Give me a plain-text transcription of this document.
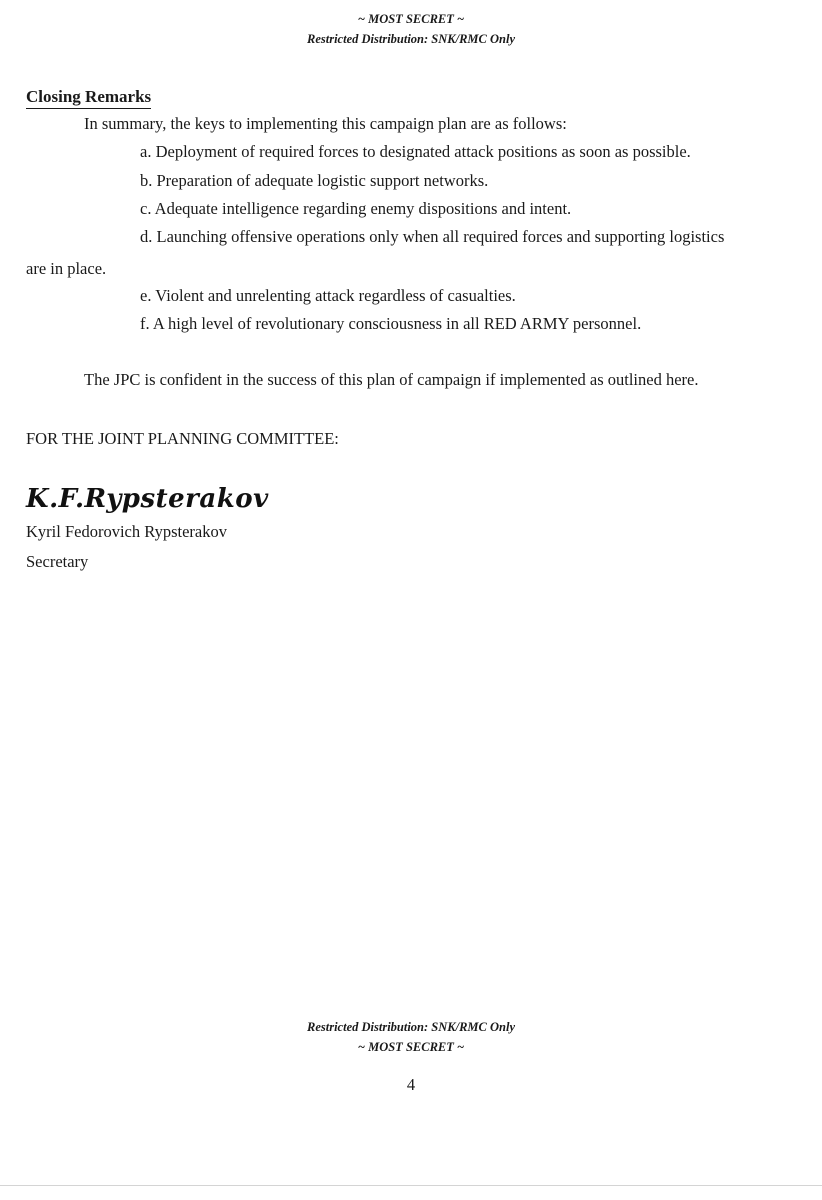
~ MOST SECRET ~
Restricted Distribution: SNK/RMC Only
Closing Remarks
In summary, the keys to implementing this campaign plan are as follows:
a. Deployment of required forces to designated attack positions as soon as possible.
b. Preparation of adequate logistic support networks.
c. Adequate intelligence regarding enemy dispositions and intent.
d. Launching offensive operations only when all required forces and supporting logistics
are in place.
e. Violent and unrelenting attack regardless of casualties.
f. A high level of revolutionary consciousness in all RED ARMY personnel.
The JPC is confident in the success of this plan of campaign if implemented as outlined here.
FOR THE JOINT PLANNING COMMITTEE:
K.F.Rypsterakov
Kyril Fedorovich Rypsterakov
Secretary
Restricted Distribution: SNK/RMC Only
~ MOST SECRET ~
4
